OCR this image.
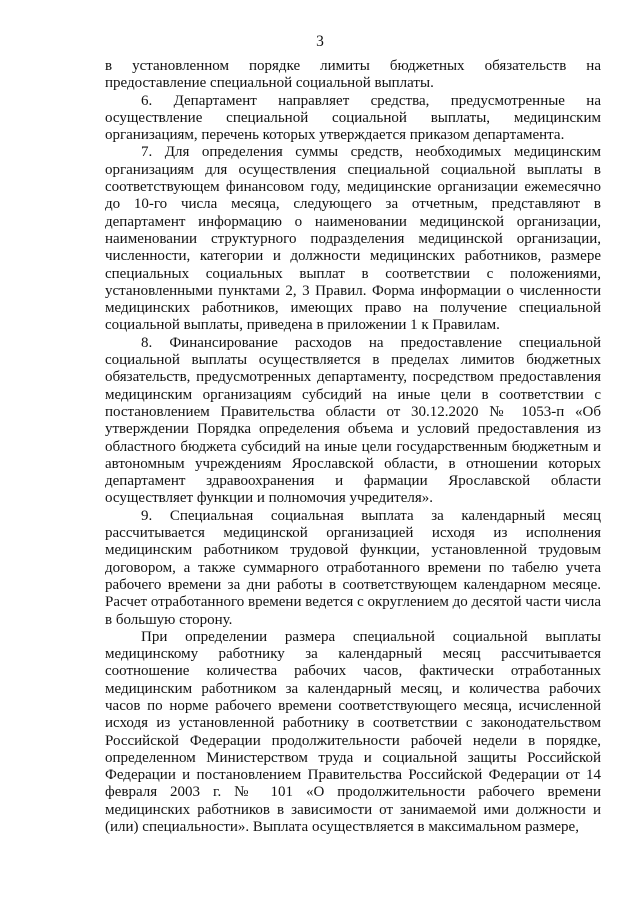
3

в установленном порядке лимиты бюджетных обязательств на предоставление специальной социальной выплаты.

6. Департамент направляет средства, предусмотренные на осуществление специальной социальной выплаты, медицинским организациям, перечень которых утверждается приказом департамента.

7. Для определения суммы средств, необходимых медицинским организациям для осуществления специальной социальной выплаты в соответствующем финансовом году, медицинские организации ежемесячно до 10-го числа месяца, следующего за отчетным, представляют в департамент информацию о наименовании медицинской организации, наименовании структурного подразделения медицинской организации, численности, категории и должности медицинских работников, размере специальных социальных выплат в соответствии с положениями, установленными пунктами 2, 3 Правил. Форма информации о численности медицинских работников, имеющих право на получение специальной социальной выплаты, приведена в приложении 1 к Правилам.

8. Финансирование расходов на предоставление специальной социальной выплаты осуществляется в пределах лимитов бюджетных обязательств, предусмотренных департаменту, посредством предоставления медицинским организациям субсидий на иные цели в соответствии с постановлением Правительства области от 30.12.2020 № 1053-п «Об утверждении Порядка определения объема и условий предоставления из областного бюджета субсидий на иные цели государственным бюджетным и автономным учреждениям Ярославской области, в отношении которых департамент здравоохранения и фармации Ярославской области осуществляет функции и полномочия учредителя».

9. Специальная социальная выплата за календарный месяц рассчитывается медицинской организацией исходя из исполнения медицинским работником трудовой функции, установленной трудовым договором, а также суммарного отработанного времени по табелю учета рабочего времени за дни работы в соответствующем календарном месяце. Расчет отработанного времени ведется с округлением до десятой части числа в большую сторону.

При определении размера специальной социальной выплаты медицинскому работнику за календарный месяц рассчитывается соотношение количества рабочих часов, фактически отработанных медицинским работником за календарный месяц, и количества рабочих часов по норме рабочего времени соответствующего месяца, исчисленной исходя из установленной работнику в соответствии с законодательством Российской Федерации продолжительности рабочей недели в порядке, определенном Министерством труда и социальной защиты Российской Федерации и постановлением Правительства Российской Федерации от 14 февраля 2003 г. № 101 «О продолжительности рабочего времени медицинских работников в зависимости от занимаемой ими должности и (или) специальности». Выплата осуществляется в максимальном размере,
